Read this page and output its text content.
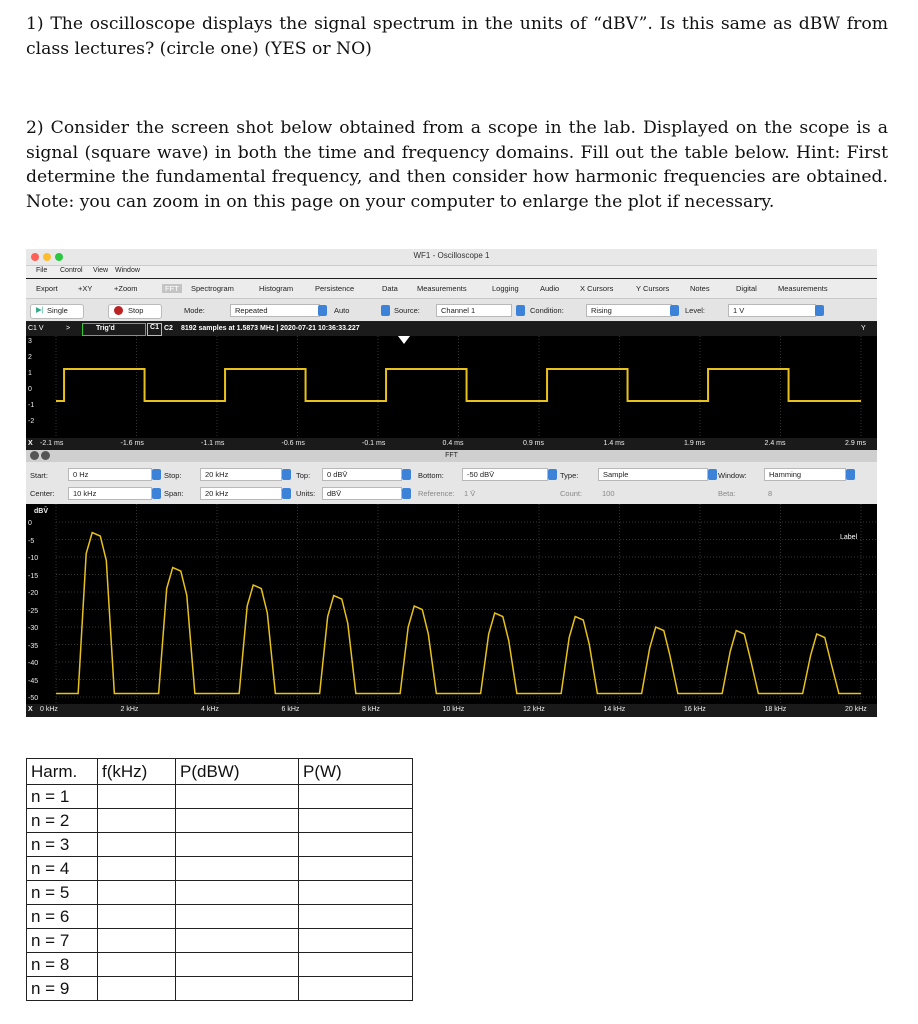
1) The oscilloscope displays the signal spectrum in the units of “dBV”. Is this same as dBW from class lectures? (circle one) (YES or NO)
2) Consider the screen shot below obtained from a scope in the lab. Displayed on the scope is a signal (square wave) in both the time and frequency domains. Fill out the table below. Hint: First determine the fundamental frequency, and then consider how harmonic frequencies are obtained. Note: you can zoom in on this page on your computer to enlarge the plot if necessary.
WF1 - Oscilloscope 1
File Control View Window
Export	+XY	+Zoom	FFT	Spectrogram	Histogram	Persistence	Data	Measurements	Logging	Audio	X Cursors	Y Cursors	Notes	Digital	Measurements
▶| Single	Stop	Mode:	Repeated	Auto	Source:	Channel 1	Condition:	Rising	Level:	1 V
C1 V	>	Trig'd	C1 C2 8192 samples at 1.5873 MHz | 2020-07-21 10:36:33.227	Y
3
2
1
0
-1
-2
X -2.1 ms	-1.6 ms	-1.1 ms	-0.6 ms	-0.1 ms	0.4 ms	0.9 ms	1.4 ms	1.9 ms	2.4 ms	2.9 ms
FFT
Start:	0 Hz
Center:	10 kHz
Stop:	20 kHz
Span:	20 kHz
Top:	0 dBV̄
Units:	dBV̄
Bottom:	-50 dBV̄
Reference: 1 V̄
Type:	Sample
Count:	100
Window:	Hamming
Beta:	8
dBV̄
Label
0
-5
-10
-15
-20
-25
-30
-35
-40
-45
-50
X 0 kHz	2 kHz	4 kHz	6 kHz	8 kHz	10 kHz	12 kHz	14 kHz	16 kHz	18 kHz	20 kHz
Harm.	f(kHz)	P(dBW)	P(W)
n = 1			
n = 2			
n = 3			
n = 4			
n = 5			
n = 6			
n = 7			
n = 8			
n = 9			
